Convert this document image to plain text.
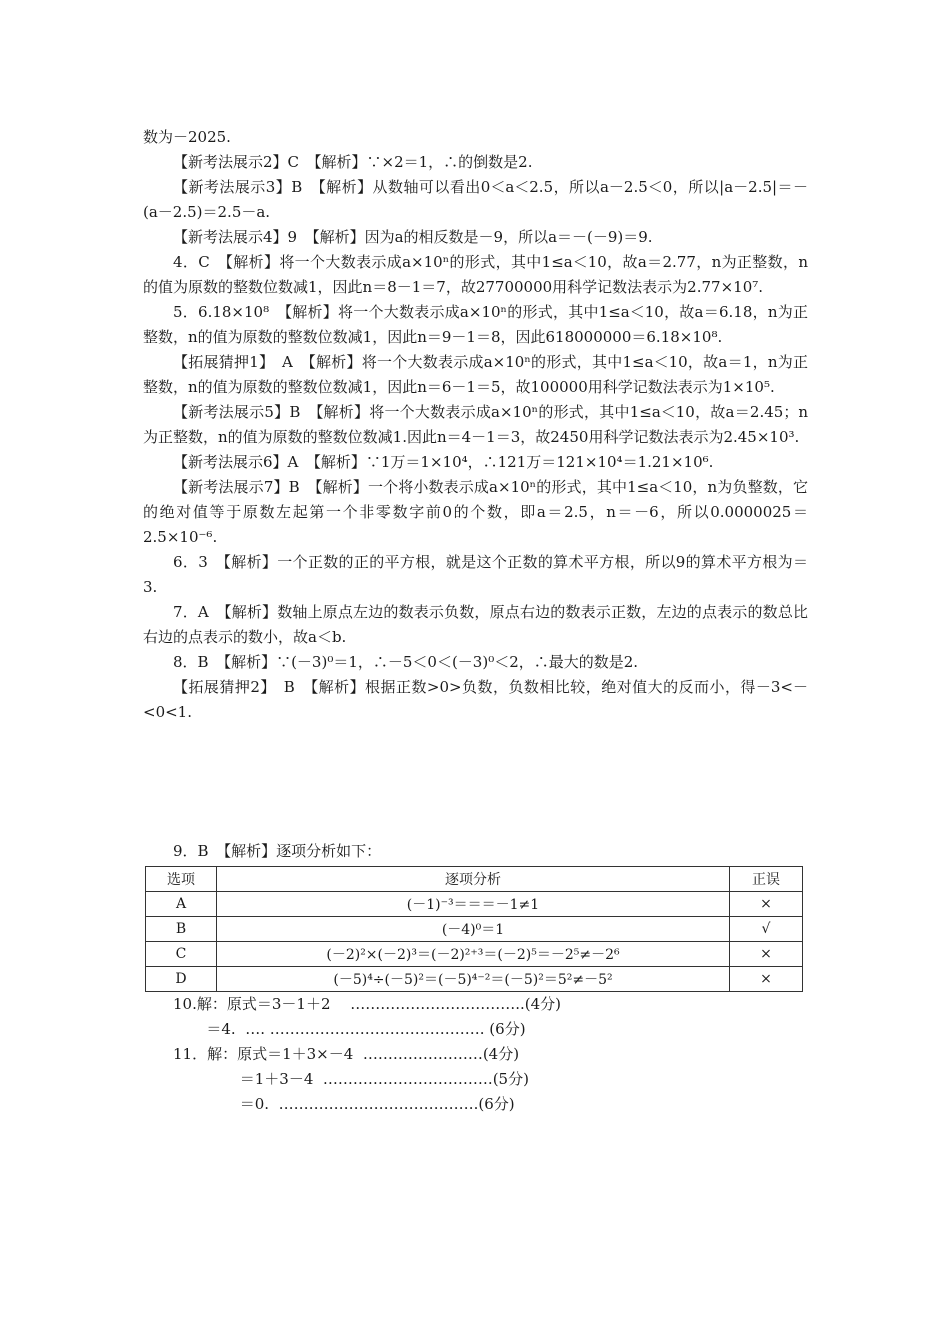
数为－2025.

【新考法展示2】C　【解析】∵×2＝1，∴的倒数是2.

【新考法展示3】B　【解析】从数轴可以看出0＜a＜2.5，所以a－2.5＜0，所以|a－2.5|＝－(a－2.5)＝2.5－a.

【新考法展示4】9　【解析】因为a的相反数是－9，所以a＝－(－9)＝9.

4．C　【解析】将一个大数表示成a×10ⁿ的形式，其中1≤a＜10，故a＝2.77，n为正整数，n的值为原数的整数位数减1，因此n＝8－1＝7，故27700000用科学记数法表示为2.77×10⁷.

5．6.18×10⁸　【解析】将一个大数表示成a×10ⁿ的形式，其中1≤a＜10，故a＝6.18，n为正整数，n的值为原数的整数位数减1，因此n＝9－1＝8，因此618000000＝6.18×10⁸.

【拓展猜押1】　A　【解析】将一个大数表示成a×10ⁿ的形式，其中1≤a＜10，故a＝1，n为正整数，n的值为原数的整数位数减1，因此n＝6－1＝5，故100000用科学记数法表示为1×10⁵.

【新考法展示5】B　【解析】将一个大数表示成a×10ⁿ的形式，其中1≤a＜10，故a＝2.45；n为正整数，n的值为原数的整数位数减1.因此n＝4－1＝3，故2450用科学记数法表示为2.45×10³.

【新考法展示6】A　【解析】∵1万＝1×10⁴，∴121万＝121×10⁴＝1.21×10⁶.

【新考法展示7】B　【解析】一个将小数表示成a×10ⁿ的形式，其中1≤a＜10，n为负整数，它的绝对值等于原数左起第一个非零数字前0的个数，即a＝2.5，n＝－6，所以0.0000025＝2.5×10⁻⁶.

6．3　【解析】一个正数的正的平方根，就是这个正数的算术平方根，所以9的算术平方根为＝3.

7．A　【解析】数轴上原点左边的数表示负数，原点右边的数表示正数，左边的点表示的数总比右边的点表示的数小，故a＜b.

8．B　【解析】∵(－3)⁰＝1，∴－5＜0＜(－3)⁰＜2，∴最大的数是2.

【拓展猜押2】　B　【解析】根据正数>0>负数，负数相比较，绝对值大的反而小，得－3<－<0<1.

9．B　【解析】逐项分析如下：

选项	逐项分析	正误
A	(－1)⁻³＝＝＝－1≠1	×
B	(－4)⁰＝1	√
C	(－2)²×(－2)³＝(－2)²⁺³＝(－2)⁵＝－2⁵≠－2⁶	×
D	(－5)⁴÷(－5)²＝(－5)⁴⁻²＝(－5)²＝5²≠－5²	×
10.解：原式＝3－1＋2　 ……………………………..(4分)
＝4.  …. ……………………………………. (6分)
11．解：原式＝1＋3×－4  ……………………(4分)
＝1＋3－4  …………………………….(5分)
＝0.  ………………………………….(6分)
